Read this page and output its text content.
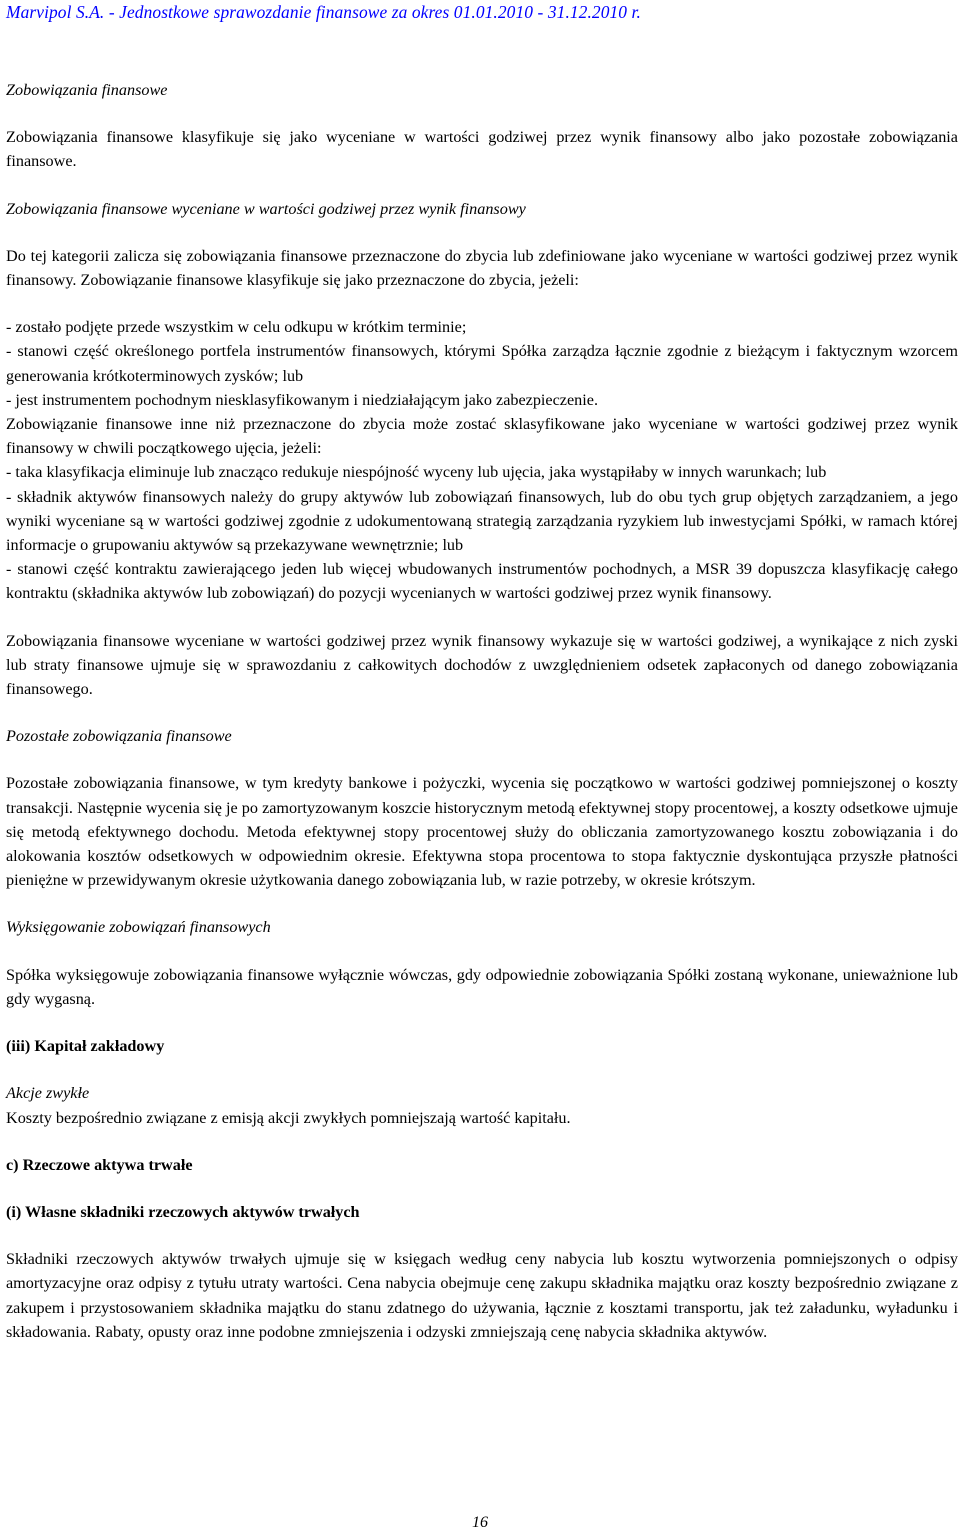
Marvipol S.A. - Jednostkowe sprawozdanie finansowe za okres 01.01.2010 - 31.12.2010 r.

Zobowiązania finansowe

Zobowiązania finansowe klasyfikuje się jako wyceniane w wartości godziwej przez wynik finansowy albo jako pozostałe zobowiązania finansowe.

Zobowiązania finansowe wyceniane w wartości godziwej przez wynik finansowy

Do tej kategorii zalicza się zobowiązania finansowe przeznaczone do zbycia lub zdefiniowane jako wyceniane w wartości godziwej przez wynik finansowy. Zobowiązanie finansowe klasyfikuje się jako przeznaczone do zbycia, jeżeli:

- zostało podjęte przede wszystkim w celu odkupu w krótkim terminie;

- stanowi część określonego portfela instrumentów finansowych, którymi Spółka zarządza łącznie zgodnie z bieżącym i faktycznym wzorcem generowania krótkoterminowych zysków; lub

- jest instrumentem pochodnym niesklasyfikowanym i niedziałającym jako zabezpieczenie.

Zobowiązanie finansowe inne niż przeznaczone do zbycia może zostać sklasyfikowane jako wyceniane w wartości godziwej przez wynik finansowy w chwili początkowego ujęcia, jeżeli:

- taka klasyfikacja eliminuje lub znacząco redukuje niespójność wyceny lub ujęcia, jaka wystąpiłaby w innych warunkach; lub

- składnik aktywów finansowych należy do grupy aktywów lub zobowiązań finansowych, lub do obu tych grup objętych zarządzaniem, a jego wyniki wyceniane są w wartości godziwej zgodnie z udokumentowaną strategią zarządzania ryzykiem lub inwestycjami Spółki, w ramach której informacje o grupowaniu aktywów są przekazywane wewnętrznie; lub

- stanowi część kontraktu zawierającego jeden lub więcej wbudowanych instrumentów pochodnych, a MSR 39 dopuszcza klasyfikację całego kontraktu (składnika aktywów lub zobowiązań) do pozycji wycenianych w wartości godziwej przez wynik finansowy.

Zobowiązania finansowe wyceniane w wartości godziwej przez wynik finansowy wykazuje się w wartości godziwej, a wynikające z nich zyski lub straty finansowe ujmuje się w sprawozdaniu z całkowitych dochodów z uwzględnieniem odsetek zapłaconych od danego zobowiązania finansowego.

Pozostałe zobowiązania finansowe

Pozostałe zobowiązania finansowe, w tym kredyty bankowe i pożyczki, wycenia się początkowo w wartości godziwej pomniejszonej o koszty transakcji. Następnie wycenia się je po zamortyzowanym koszcie historycznym metodą efektywnej stopy procentowej, a koszty odsetkowe ujmuje się metodą efektywnego dochodu. Metoda efektywnej stopy procentowej służy do obliczania zamortyzowanego kosztu zobowiązania i do alokowania kosztów odsetkowych w odpowiednim okresie. Efektywna stopa procentowa to stopa faktycznie dyskontująca przyszłe płatności pieniężne w przewidywanym okresie użytkowania danego zobowiązania lub, w razie potrzeby, w okresie krótszym.

Wyksięgowanie zobowiązań finansowych

Spółka wyksięgowuje zobowiązania finansowe wyłącznie wówczas, gdy odpowiednie zobowiązania Spółki zostaną wykonane, unieważnione lub gdy wygasną.

(iii) Kapitał zakładowy

Akcje zwykłe

Koszty bezpośrednio związane z emisją akcji zwykłych pomniejszają wartość kapitału.

c) Rzeczowe aktywa trwałe

(i) Własne składniki rzeczowych aktywów trwałych

Składniki rzeczowych aktywów trwałych ujmuje się w księgach według ceny nabycia lub kosztu wytworzenia pomniejszonych o odpisy amortyzacyjne oraz odpisy z tytułu utraty wartości. Cena nabycia obejmuje cenę zakupu składnika majątku oraz koszty bezpośrednio związane z zakupem i przystosowaniem składnika majątku do stanu zdatnego do używania, łącznie z kosztami transportu, jak też załadunku, wyładunku i składowania. Rabaty, opusty oraz inne podobne zmniejszenia i odzyski zmniejszają cenę nabycia składnika aktywów.

16
